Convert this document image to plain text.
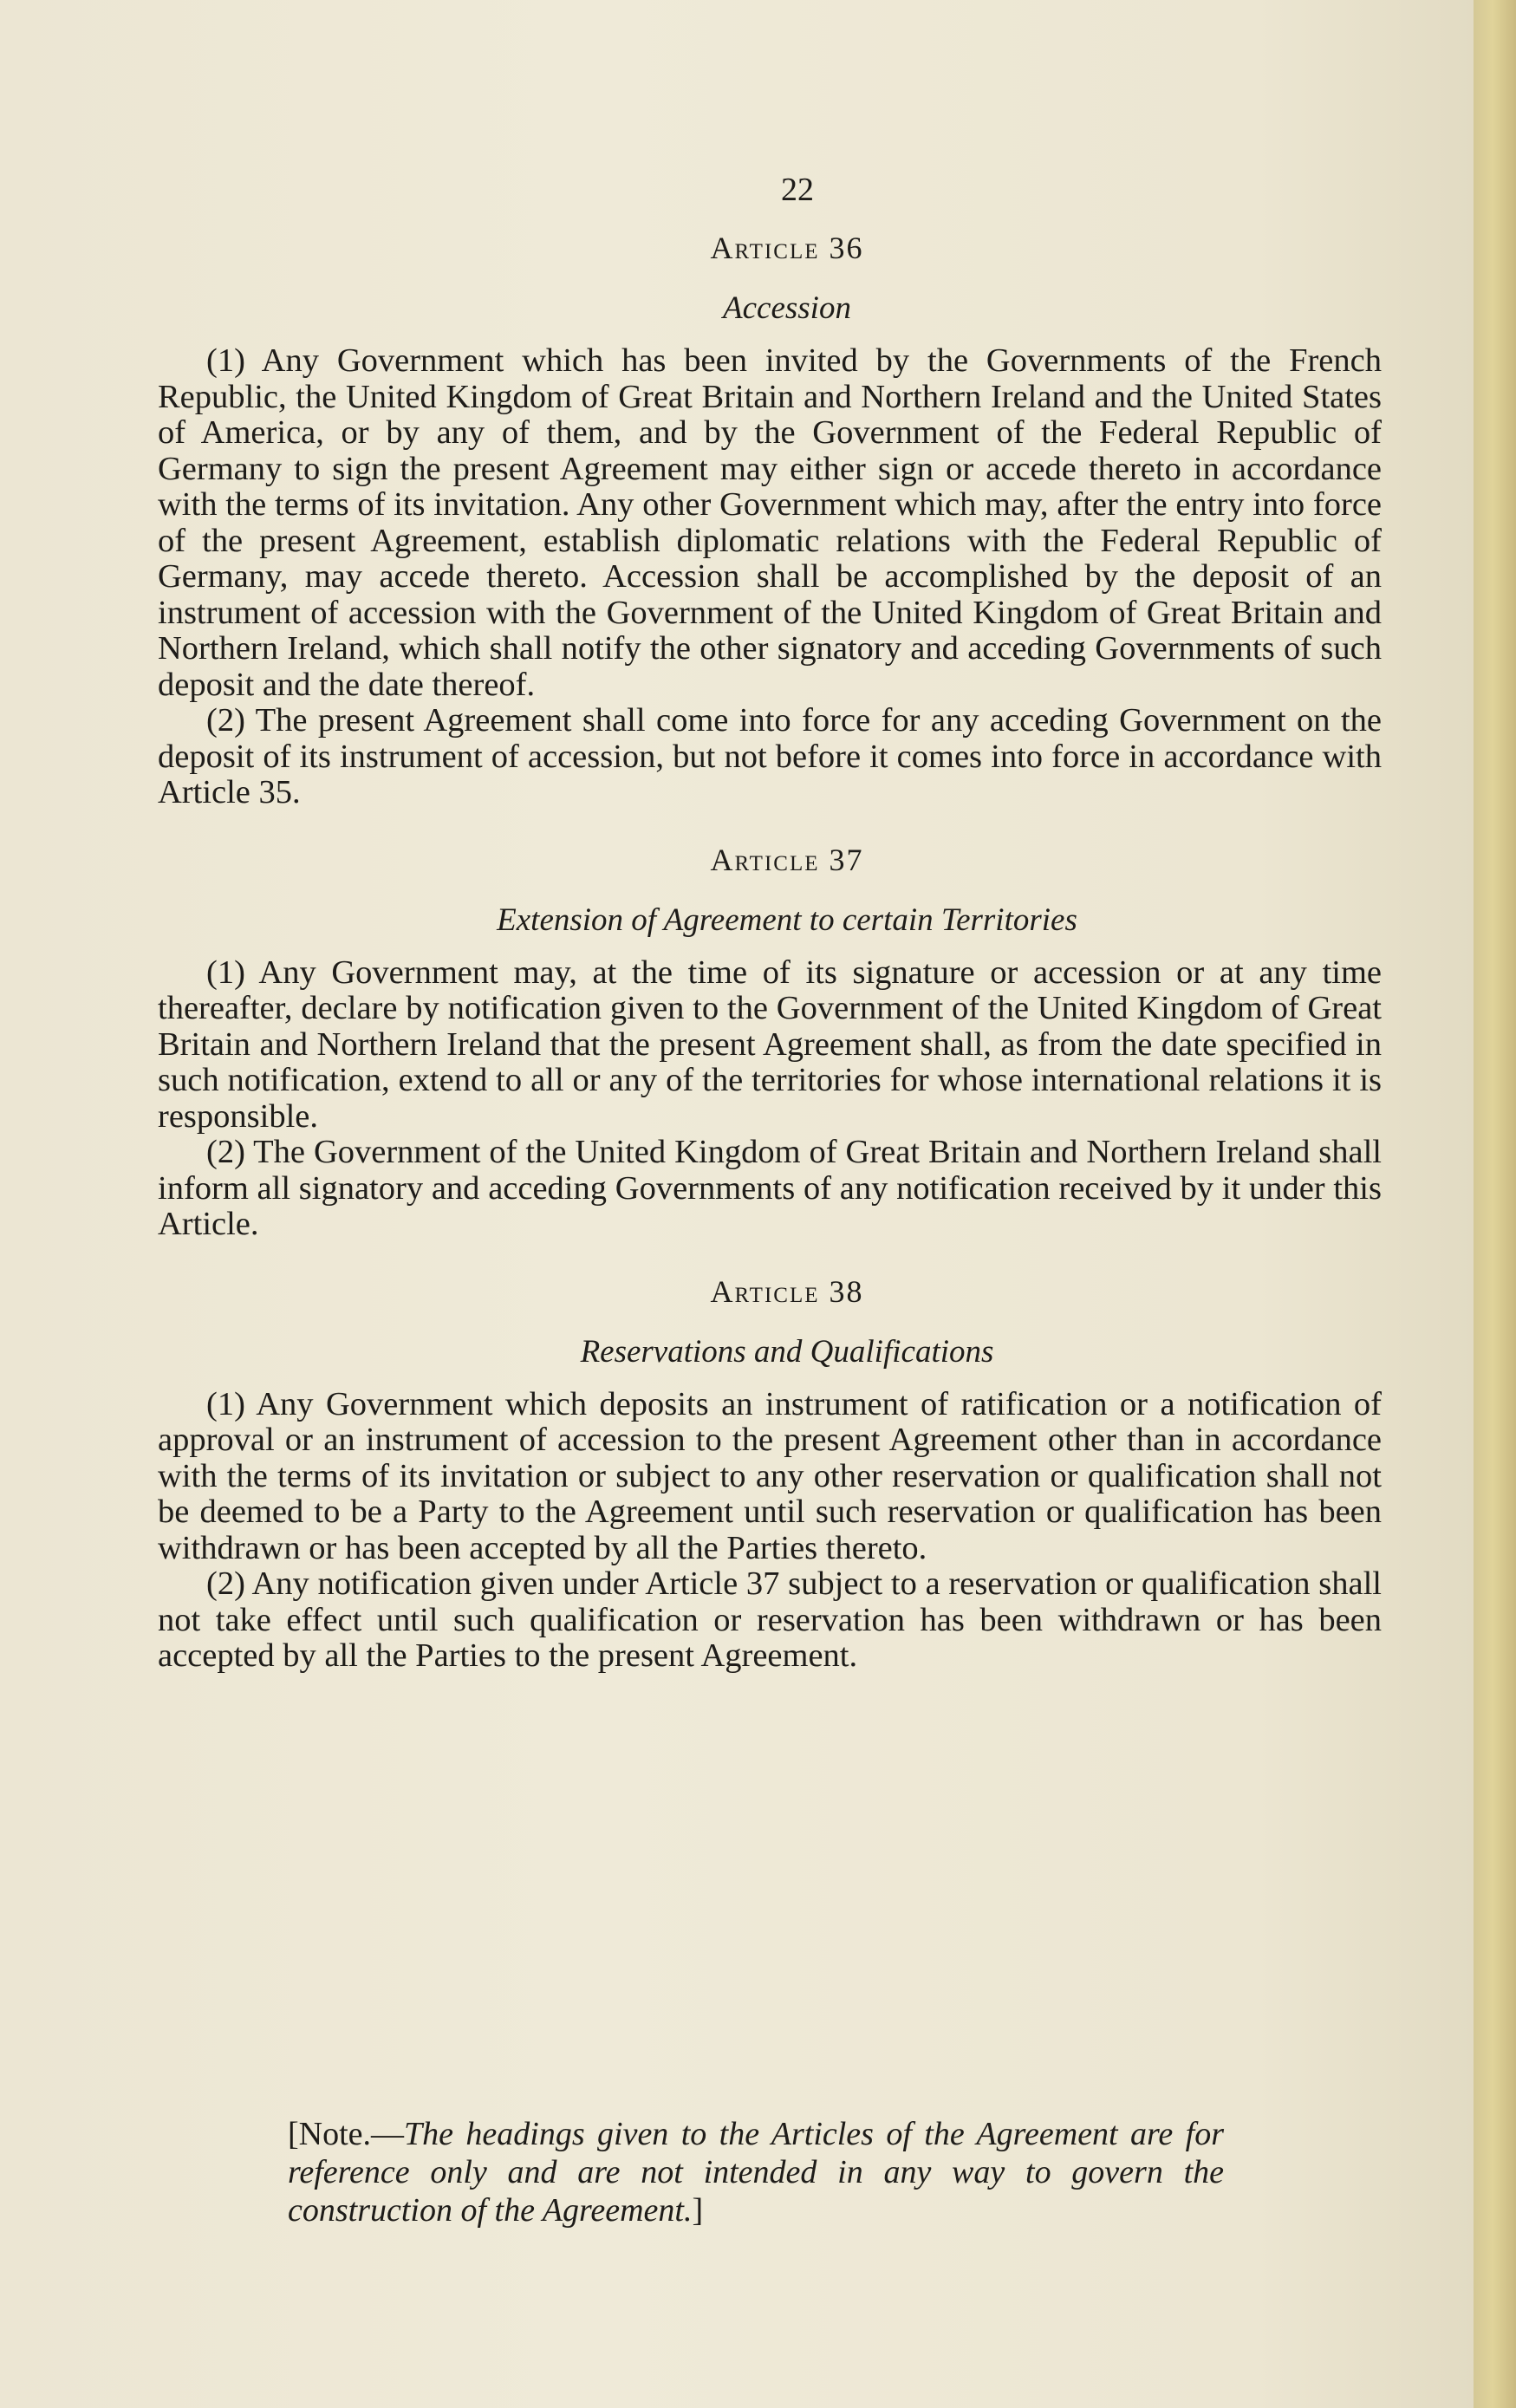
22
Article 36
Accession

(1) Any Government which has been invited by the Governments of the French Republic, the United Kingdom of Great Britain and Northern Ireland and the United States of America, or by any of them, and by the Government of the Federal Republic of Germany to sign the present Agreement may either sign or accede thereto in accordance with the terms of its invitation. Any other Government which may, after the entry into force of the present Agreement, establish diplomatic relations with the Federal Republic of Germany, may accede thereto. Accession shall be accomplished by the deposit of an instrument of accession with the Government of the United Kingdom of Great Britain and Northern Ireland, which shall notify the other signatory and acceding Governments of such deposit and the date thereof.

(2) The present Agreement shall come into force for any acceding Government on the deposit of its instrument of accession, but not before it comes into force in accordance with Article 35.

Article 37
Extension of Agreement to certain Territories

(1) Any Government may, at the time of its signature or accession or at any time thereafter, declare by notification given to the Government of the United Kingdom of Great Britain and Northern Ireland that the present Agreement shall, as from the date specified in such notification, extend to all or any of the territories for whose international relations it is responsible.

(2) The Government of the United Kingdom of Great Britain and Northern Ireland shall inform all signatory and acceding Governments of any notification received by it under this Article.

Article 38
Reservations and Qualifications

(1) Any Government which deposits an instrument of ratification or a notification of approval or an instrument of accession to the present Agreement other than in accordance with the terms of its invitation or subject to any other reservation or qualification shall not be deemed to be a Party to the Agreement until such reservation or qualification has been withdrawn or has been accepted by all the Parties thereto.

(2) Any notification given under Article 37 subject to a reservation or qualification shall not take effect until such qualification or reservation has been withdrawn or has been accepted by all the Parties to the present Agreement.

[Note.—The headings given to the Articles of the Agreement are for reference only and are not intended in any way to govern the construction of the Agreement.]
